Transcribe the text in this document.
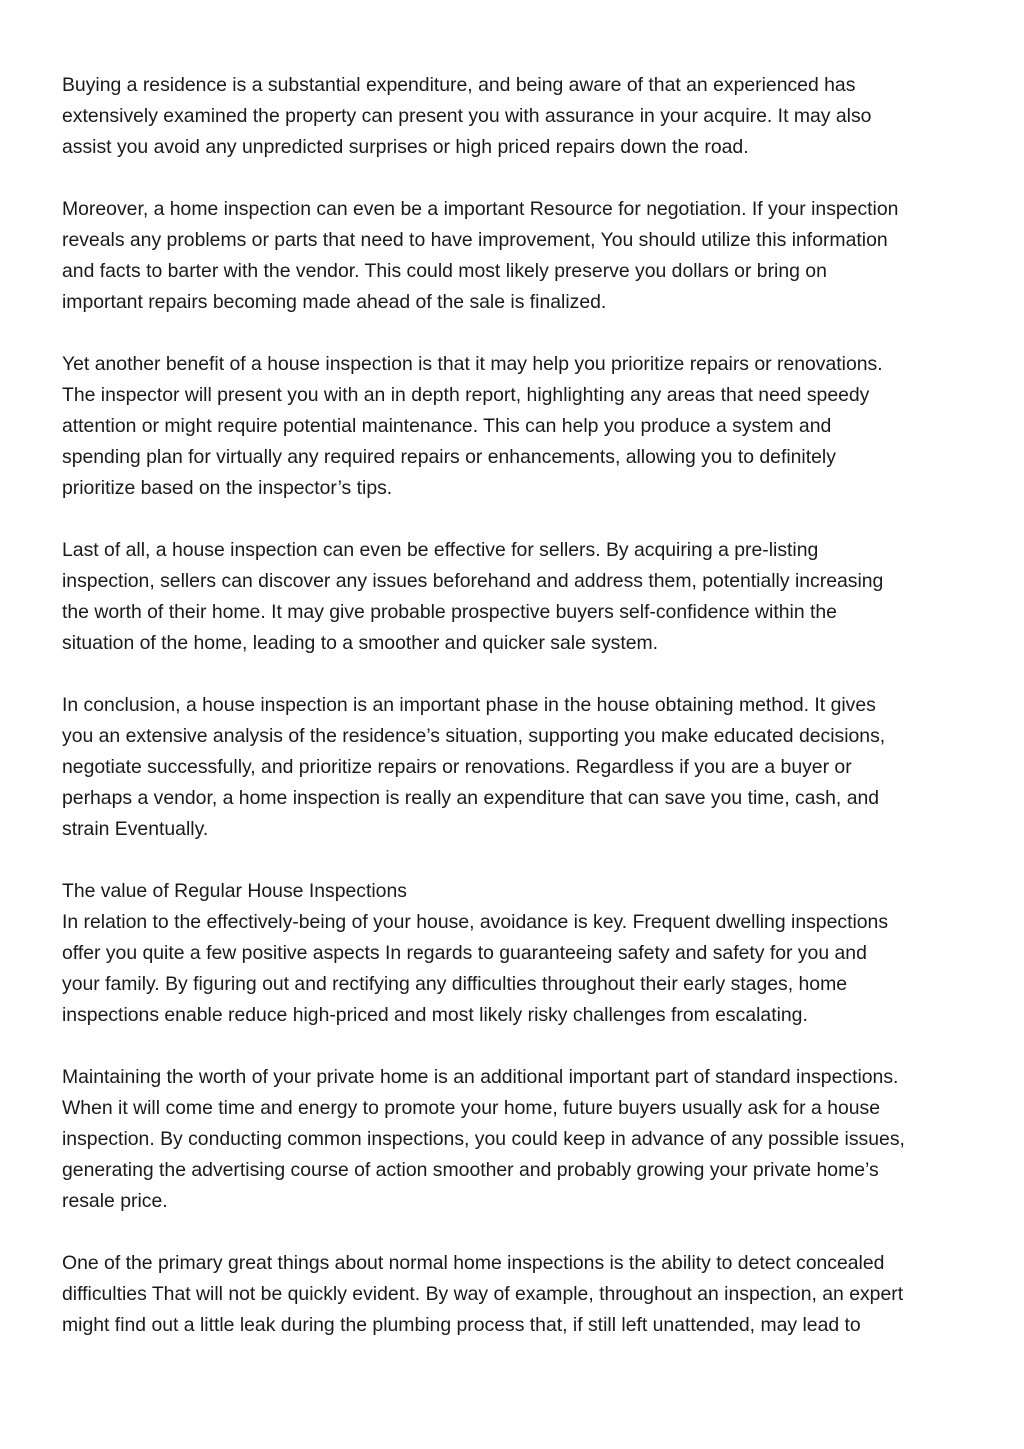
Buying a residence is a substantial expenditure, and being aware of that an experienced has
extensively examined the property can present you with assurance in your acquire. It may also
assist you avoid any unpredicted surprises or high priced repairs down the road.

Moreover, a home inspection can even be a important Resource for negotiation. If your inspection
reveals any problems or parts that need to have improvement, You should utilize this information
and facts to barter with the vendor. This could most likely preserve you dollars or bring on
important repairs becoming made ahead of the sale is finalized.

Yet another benefit of a house inspection is that it may help you prioritize repairs or renovations.
The inspector will present you with an in depth report, highlighting any areas that need speedy
attention or might require potential maintenance. This can help you produce a system and
spending plan for virtually any required repairs or enhancements, allowing you to definitely
prioritize based on the inspector’s tips.

Last of all, a house inspection can even be effective for sellers. By acquiring a pre-listing
inspection, sellers can discover any issues beforehand and address them, potentially increasing
the worth of their home. It may give probable prospective buyers self-confidence within the
situation of the home, leading to a smoother and quicker sale system.

In conclusion, a house inspection is an important phase in the house obtaining method. It gives
you an extensive analysis of the residence’s situation, supporting you make educated decisions,
negotiate successfully, and prioritize repairs or renovations. Regardless if you are a buyer or
perhaps a vendor, a home inspection is really an expenditure that can save you time, cash, and
strain Eventually.

The value of Regular House Inspections
In relation to the effectively-being of your house, avoidance is key. Frequent dwelling inspections
offer you quite a few positive aspects In regards to guaranteeing safety and safety for you and
your family. By figuring out and rectifying any difficulties throughout their early stages, home
inspections enable reduce high-priced and most likely risky challenges from escalating.

Maintaining the worth of your private home is an additional important part of standard inspections.
When it will come time and energy to promote your home, future buyers usually ask for a house
inspection. By conducting common inspections, you could keep in advance of any possible issues,
generating the advertising course of action smoother and probably growing your private home’s
resale price.

One of the primary great things about normal home inspections is the ability to detect concealed
difficulties That will not be quickly evident. By way of example, throughout an inspection, an expert
might find out a little leak during the plumbing process that, if still left unattended, may lead to
